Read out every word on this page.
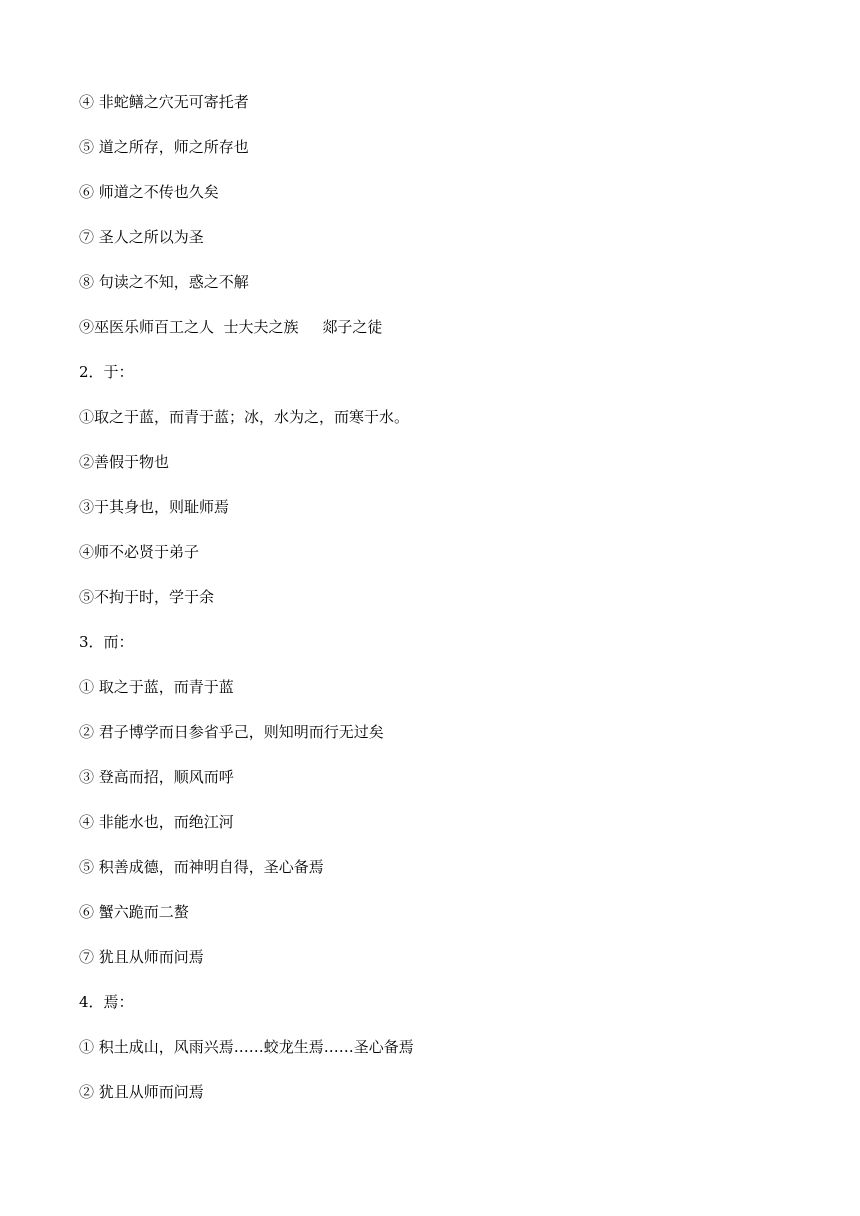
④ 非蛇鳝之穴无可寄托者
⑤ 道之所存，师之所存也
⑥ 师道之不传也久矣
⑦ 圣人之所以为圣
⑧ 句读之不知，惑之不解
⑨巫医乐师百工之人  士大夫之族     郯子之徒
2．于：
①取之于蓝，而青于蓝；冰，水为之，而寒于水。
②善假于物也
③于其身也，则耻师焉
④师不必贤于弟子
⑤不拘于时，学于余
3．而：
① 取之于蓝，而青于蓝
② 君子博学而日参省乎己，则知明而行无过矣
③ 登高而招，顺风而呼
④ 非能水也，而绝江河
⑤ 积善成德，而神明自得，圣心备焉
⑥ 蟹六跪而二螯
⑦ 犹且从师而问焉
4．焉：
① 积土成山，风雨兴焉……蛟龙生焉……圣心备焉
② 犹且从师而问焉
